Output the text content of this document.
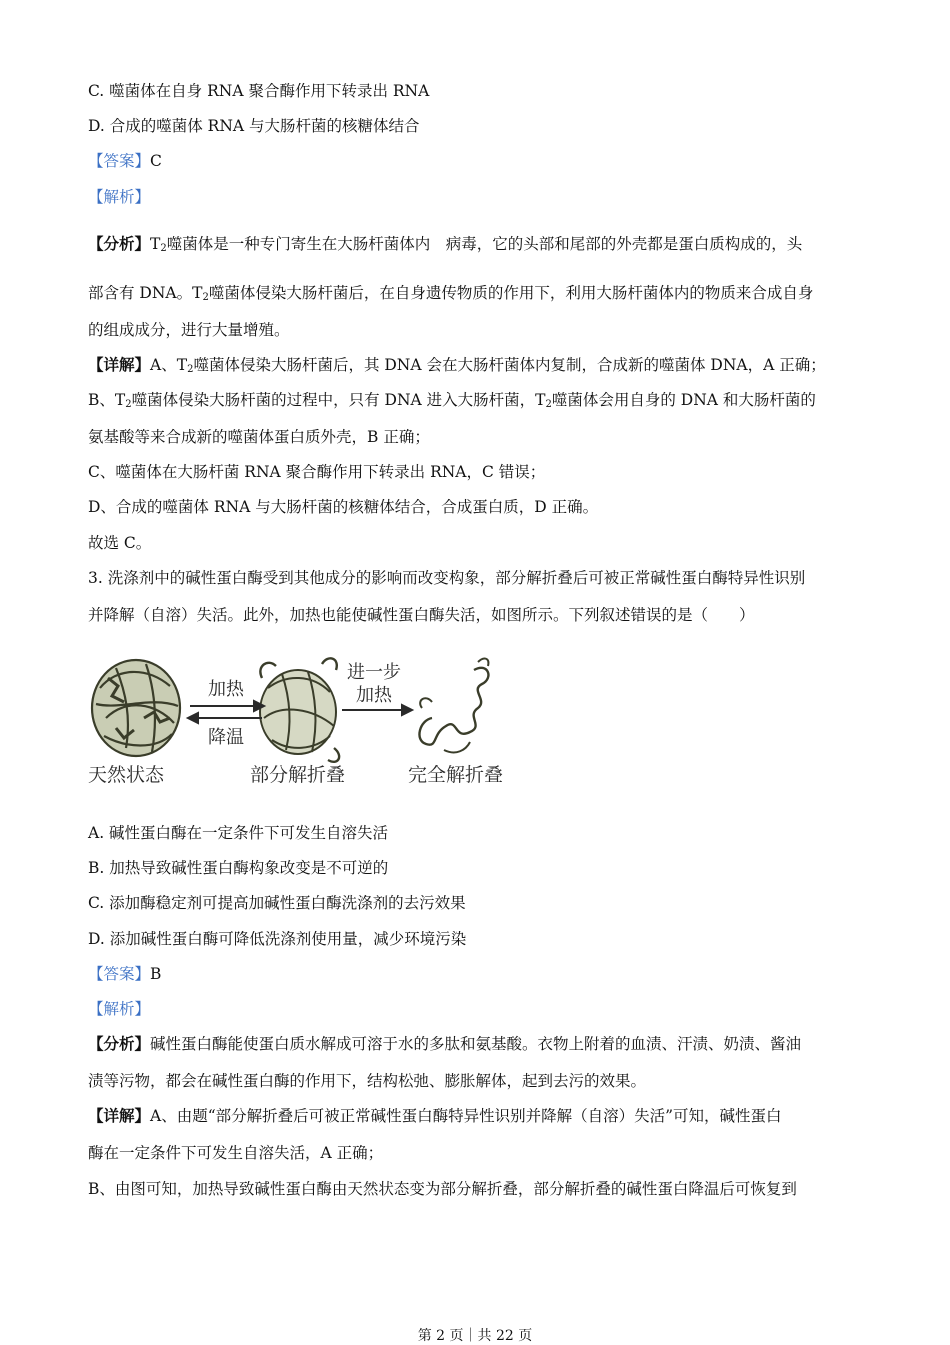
C. 噬菌体在自身 RNA 聚合酶作用下转录出 RNA
D. 合成的噬菌体 RNA 与大肠杆菌的核糖体结合
【答案】C
【解析】
【分析】$T_2$噬菌体是一种专门寄生在大肠杆菌体内　病毒，它的头部和尾部的外壳都是蛋白质构成的，头
部含有 DNA。$T_2$噬菌体侵染大肠杆菌后，在自身遗传物质的作用下，利用大肠杆菌体内的物质来合成自身
的组成成分，进行大量增殖。
【详解】A、$T_2$噬菌体侵染大肠杆菌后，其 DNA 会在大肠杆菌体内复制，合成新的噬菌体 DNA，A 正确；
B、$T_2$噬菌体侵染大肠杆菌的过程中，只有 DNA 进入大肠杆菌，$T_2$噬菌体会用自身的 DNA 和大肠杆菌的
氨基酸等来合成新的噬菌体蛋白质外壳，B 正确；
C、噬菌体在大肠杆菌 RNA 聚合酶作用下转录出 RNA，C 错误；
D、合成的噬菌体 RNA 与大肠杆菌的核糖体结合，合成蛋白质，D 正确。
故选 C。
3. 洗涤剂中的碱性蛋白酶受到其他成分的影响而改变构象，部分解折叠后可被正常碱性蛋白酶特异性识别
并降解（自溶）失活。此外，加热也能使碱性蛋白酶失活，如图所示。下列叙述错误的是（　　）
加热
降温
进一步
加热
天然状态	部分解折叠	完全解折叠
A. 碱性蛋白酶在一定条件下可发生自溶失活
B. 加热导致碱性蛋白酶构象改变是不可逆的
C. 添加酶稳定剂可提高加碱性蛋白酶洗涤剂的去污效果
D. 添加碱性蛋白酶可降低洗涤剂使用量，减少环境污染
【答案】B
【解析】
【分析】碱性蛋白酶能使蛋白质水解成可溶于水的多肽和氨基酸。衣物上附着的血渍、汗渍、奶渍、酱油
渍等污物，都会在碱性蛋白酶的作用下，结构松弛、膨胀解体，起到去污的效果。
【详解】A、由题“部分解折叠后可被正常碱性蛋白酶特异性识别并降解（自溶）失活”可知，碱性蛋白
酶在一定条件下可发生自溶失活，A 正确；
B、由图可知，加热导致碱性蛋白酶由天然状态变为部分解折叠，部分解折叠的碱性蛋白降温后可恢复到
第 2 页｜共 22 页
